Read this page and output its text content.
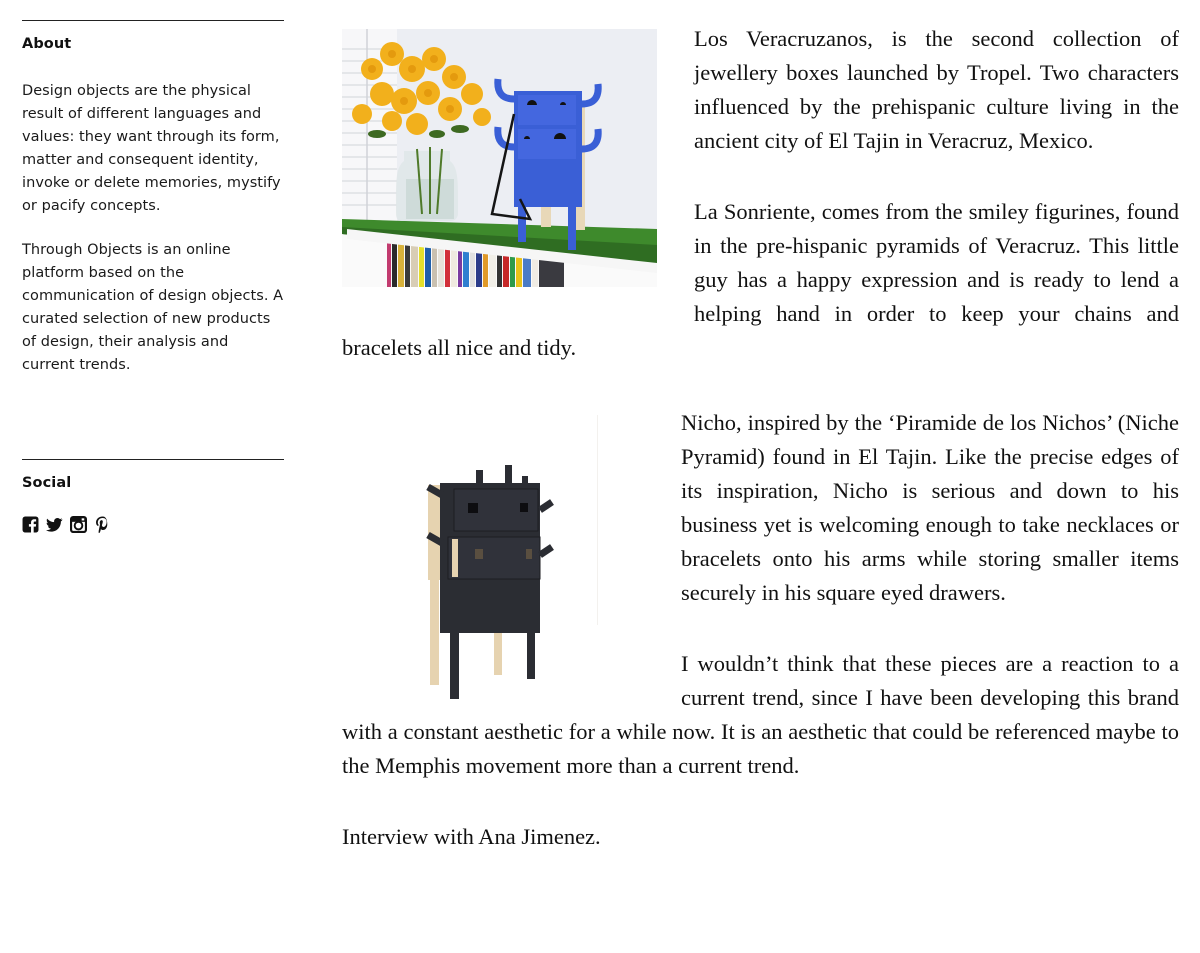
About

Design objects are the physical result of different languages and values: they want through its form, matter and consequent identity, invoke or delete memories, mystify or pacify concepts.

Through Objects is an online platform based on the communication of design objects. A curated selection of new products of design, their analysis and current trends.

Social

Los Veracruzanos, is the second collection of jewellery boxes launched by Tropel. Two characters influenced by the prehispanic culture living in the ancient city of El Tajin in Veracruz, Mexico.

La Sonriente, comes from the smiley figurines, found in the pre-hispanic pyramids of Veracruz. This little guy has a happy expression and is ready to lend a helping hand in order to keep your chains and bracelets all nice and tidy.

Nicho, inspired by the ‘Piramide de los Nichos’ (Niche Pyramid) found in El Tajin. Like the precise edges of its inspiration, Nicho is serious and down to his business yet is welcoming enough to take necklaces or bracelets onto his arms while storing smaller items securely in his square eyed drawers.

I wouldn’t think that these pieces are a reaction to a current trend, since I have been developing this brand with a constant aesthetic for a while now. It is an aesthetic that could be referenced maybe to the Memphis movement more than a current trend.

Interview with Ana Jimenez.
